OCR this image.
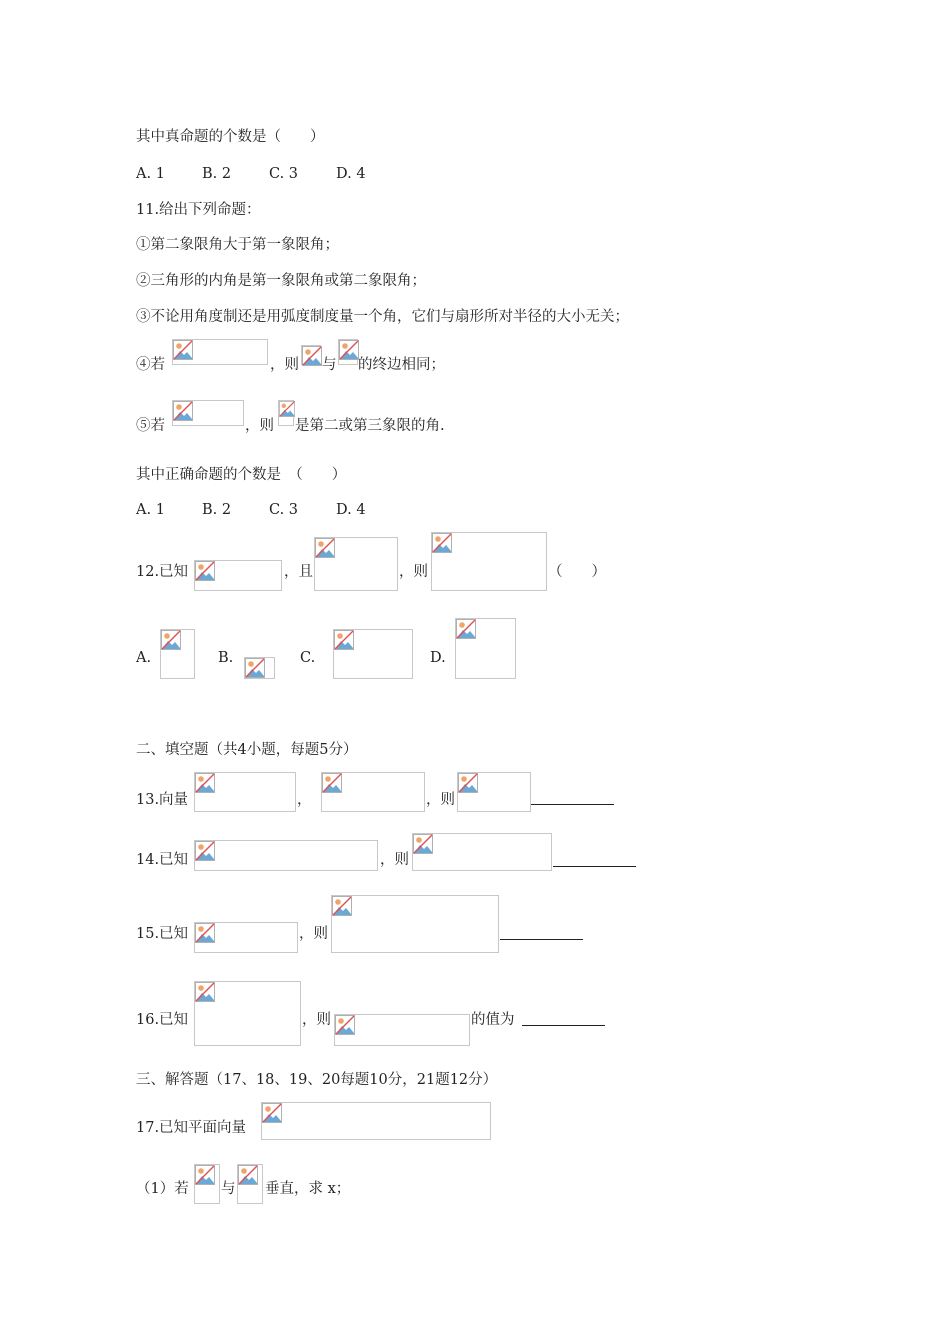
其中真命题的个数是（　　）
A. 1	B. 2	C. 3	D. 4
11.给出下列命题：
①第二象限角大于第一象限角；
②三角形的内角是第一象限角或第二象限角；
③不论用角度制还是用弧度制度量一个角，它们与扇形所对半径的大小无关；
④若	，则 与 的终边相同；
⑤若	，则 是第二或第三象限的角.
其中正确命题的个数是　（　　）
A. 1	B. 2	C. 3	D. 4
12.已知	，且	，则	（　　）
A.	B.	C.	D.
二、填空题（共4小题，每题5分）
13.向量	，	，则
14.已知	，则
15.已知	，则
16.已知	，则	的值为
三、解答题（17、18、19、20每题10分，21题12分）
17.已知平面向量
（1）若 与 垂直，求 x；
